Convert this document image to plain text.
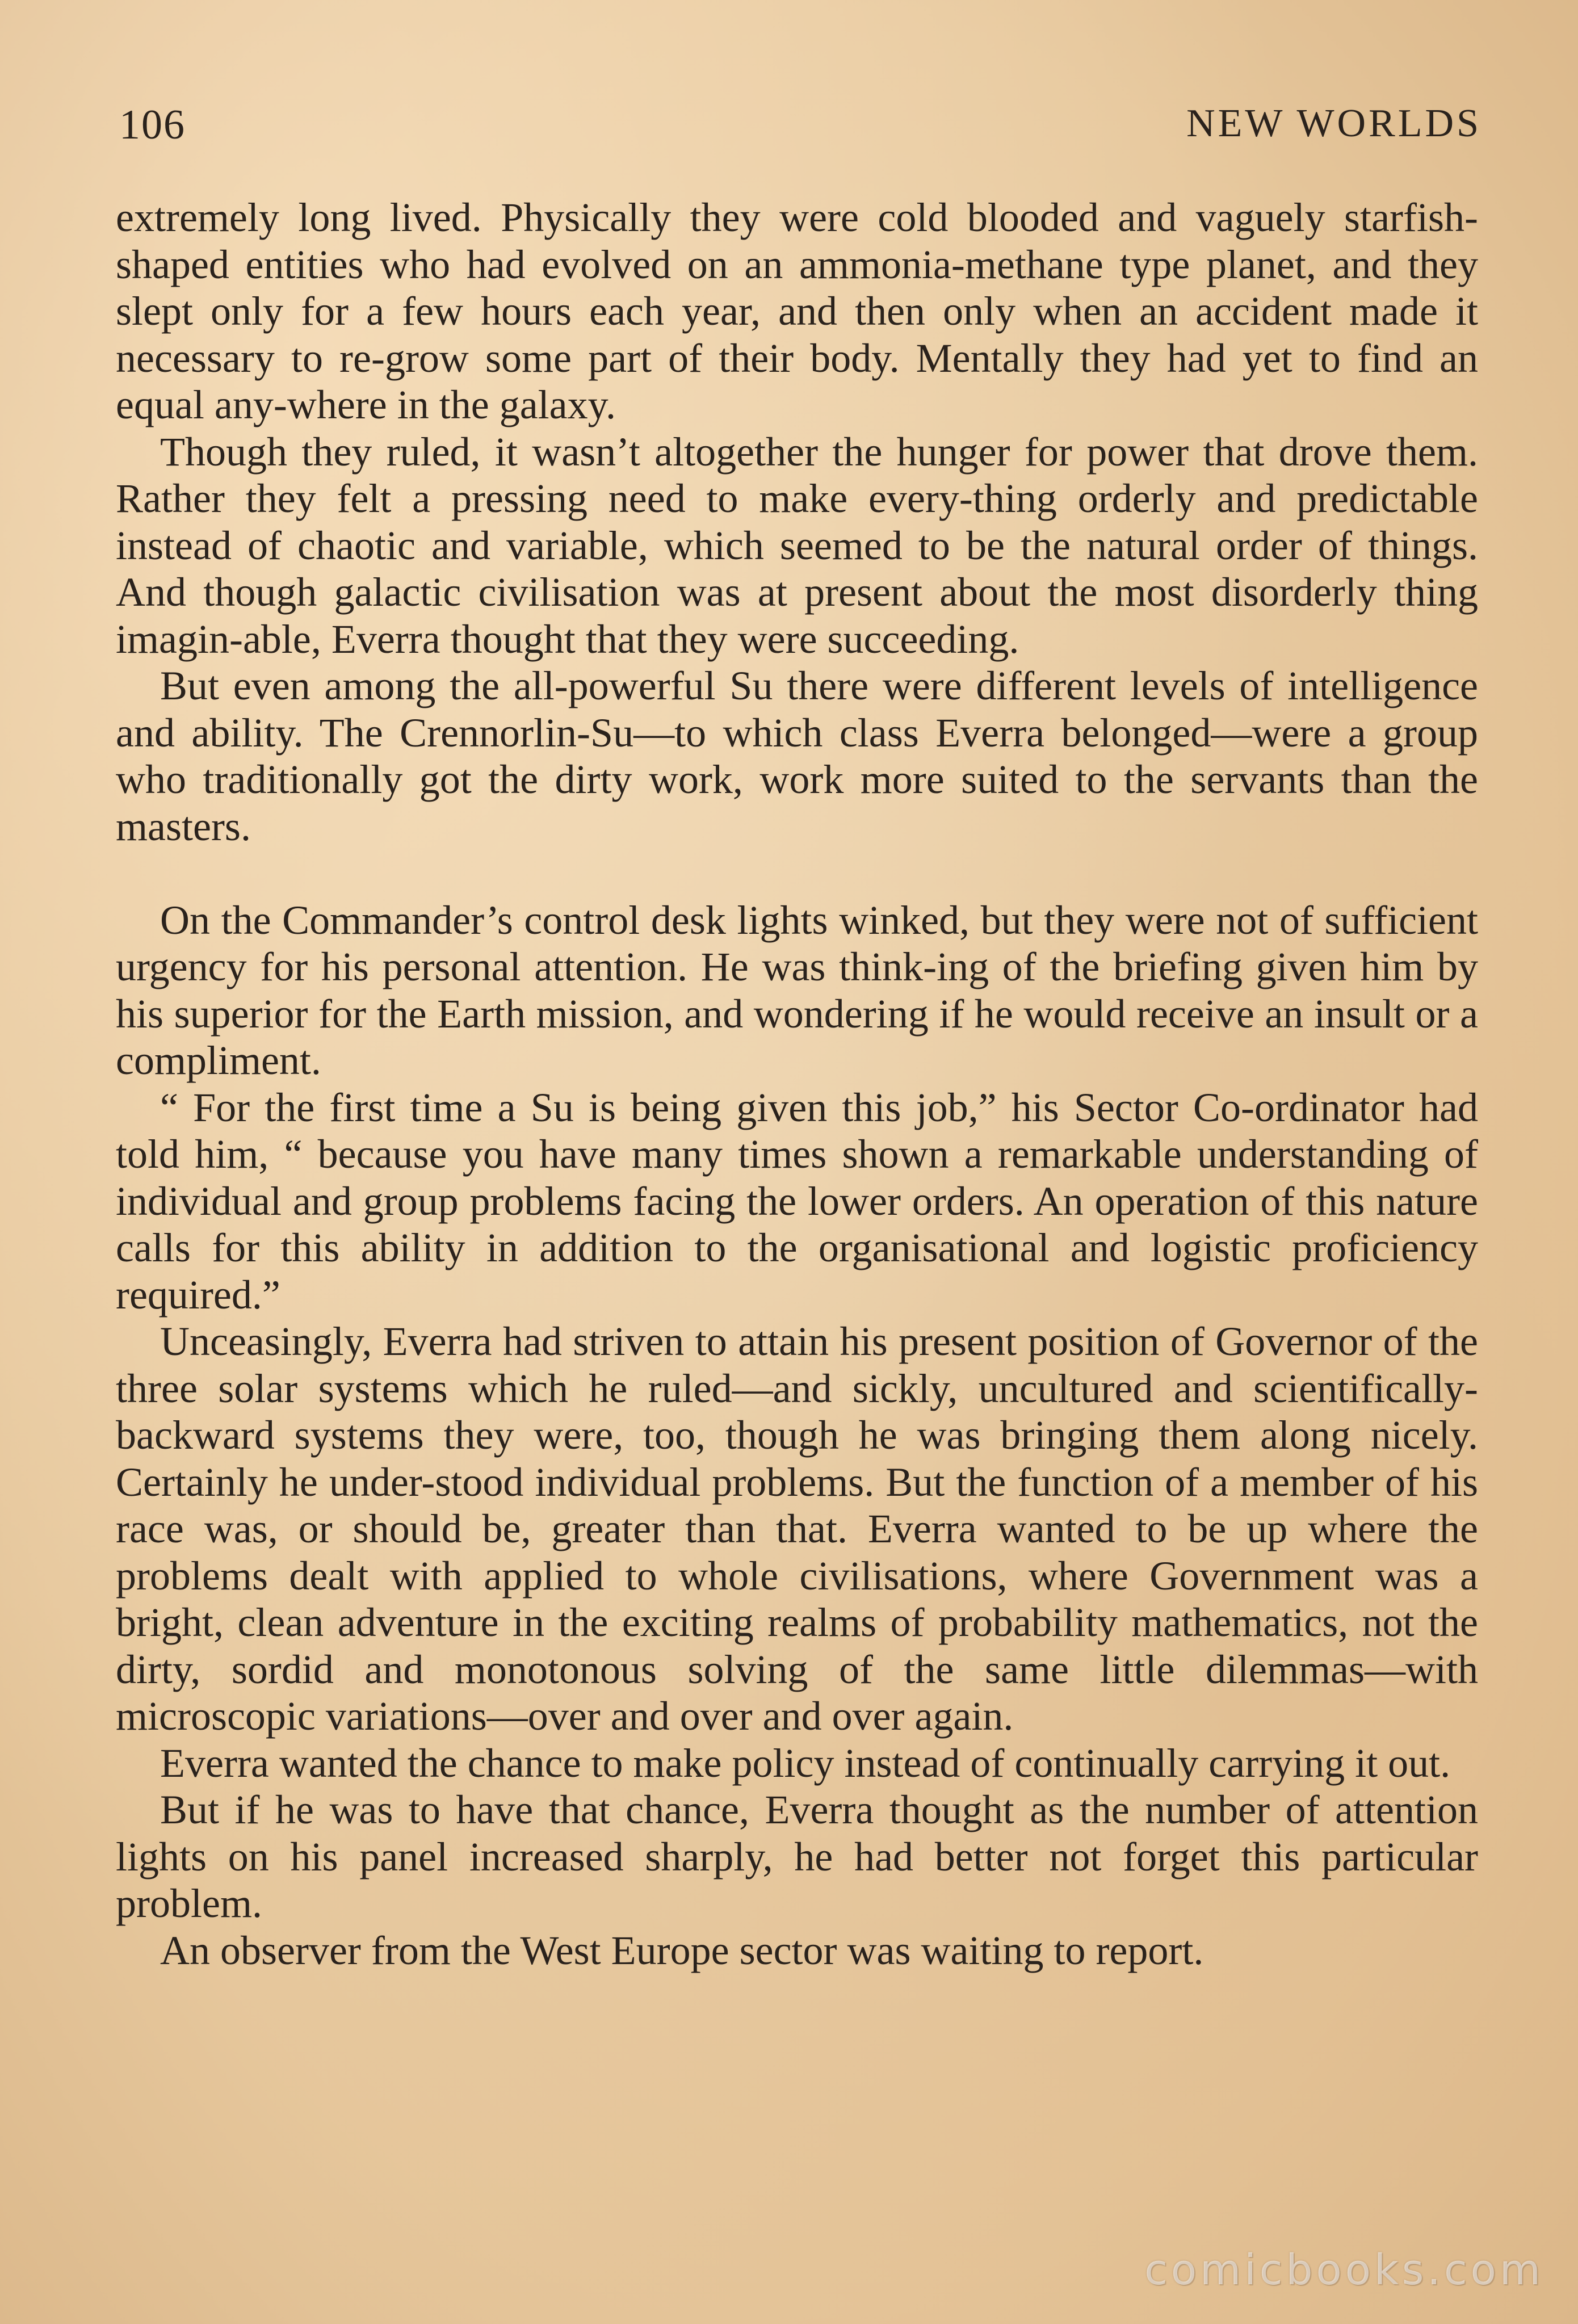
106	NEW WORLDS

extremely long lived. Physically they were cold blooded and vaguely starfish-shaped entities who had evolved on an ammonia-methane type planet, and they slept only for a few hours each year, and then only when an accident made it necessary to re-grow some part of their body. Mentally they had yet to find an equal any-where in the galaxy.

Though they ruled, it wasn’t altogether the hunger for power that drove them. Rather they felt a pressing need to make every-thing orderly and predictable instead of chaotic and variable, which seemed to be the natural order of things. And though galactic civilisation was at present about the most disorderly thing imagin-able, Everra thought that they were succeeding.

But even among the all-powerful Su there were different levels of intelligence and ability. The Crennorlin-Su—to which class Everra belonged—were a group who traditionally got the dirty work, work more suited to the servants than the masters.

On the Commander’s control desk lights winked, but they were not of sufficient urgency for his personal attention. He was think-ing of the briefing given him by his superior for the Earth mission, and wondering if he would receive an insult or a compliment.

“ For the first time a Su is being given this job,” his Sector Co-ordinator had told him, “ because you have many times shown a remarkable understanding of individual and group problems facing the lower orders. An operation of this nature calls for this ability in addition to the organisational and logistic proficiency required.”

Unceasingly, Everra had striven to attain his present position of Governor of the three solar systems which he ruled—and sickly, uncultured and scientifically-backward systems they were, too, though he was bringing them along nicely. Certainly he under-stood individual problems. But the function of a member of his race was, or should be, greater than that. Everra wanted to be up where the problems dealt with applied to whole civilisations, where Government was a bright, clean adventure in the exciting realms of probability mathematics, not the dirty, sordid and monotonous solving of the same little dilemmas—with microscopic variations—over and over and over again.

Everra wanted the chance to make policy instead of continually carrying it out.

But if he was to have that chance, Everra thought as the number of attention lights on his panel increased sharply, he had better not forget this particular problem.

An observer from the West Europe sector was waiting to report.

comicbooks.com
